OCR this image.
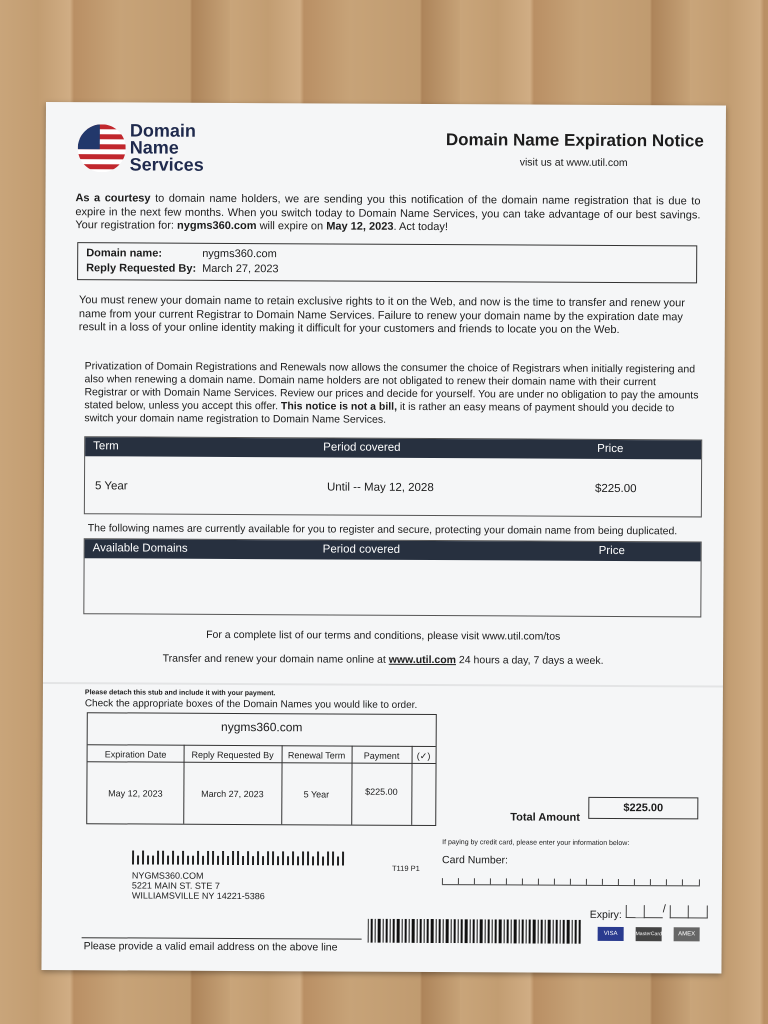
Domain
Name
Services
Domain Name Expiration Notice
visit us at www.util.com
As a courtesy to domain name holders, we are sending you this notification of the domain name registration that is due to expire in the next few months. When you switch today to Domain Name Services, you can take advantage of our best savings. Your registration for: nygms360.com will expire on May 12, 2023. Act today!
Domain name:	nygms360.com
Reply Requested By: March 27, 2023
You must renew your domain name to retain exclusive rights to it on the Web, and now is the time to transfer and renew your name from your current Registrar to Domain Name Services. Failure to renew your domain name by the expiration date may result in a loss of your online identity making it difficult for your customers and friends to locate you on the Web.
Privatization of Domain Registrations and Renewals now allows the consumer the choice of Registrars when initially registering and also when renewing a domain name. Domain name holders are not obligated to renew their domain name with their current Registrar or with Domain Name Services. Review our prices and decide for yourself. You are under no obligation to pay the amounts stated below, unless you accept this offer. This notice is not a bill, it is rather an easy means of payment should you decide to switch your domain name registration to Domain Name Services.
Term	Period covered	Price
5 Year	Until -- May 12, 2028	$225.00
The following names are currently available for you to register and secure, protecting your domain name from being duplicated.
Available Domains	Period covered	Price
For a complete list of our terms and conditions, please visit www.util.com/tos
Transfer and renew your domain name online at www.util.com 24 hours a day, 7 days a week.
Please detach this stub and include it with your payment.
Check the appropriate boxes of the Domain Names you would like to order.
nygms360.com
Expiration Date	Reply Requested By	Renewal Term	Payment	(✓)
May 12, 2023	March 27, 2023	5 Year	$225.00
Total Amount
$225.00
If paying by credit card, please enter your information below:
Card Number:
NYGMS360.COM
5221 MAIN ST. STE 7
WILLIAMSVILLE NY 14221-5386
T119 P1
Expiry:	/
Please provide a valid email address on the above line
VISA	MasterCard	AMEX
